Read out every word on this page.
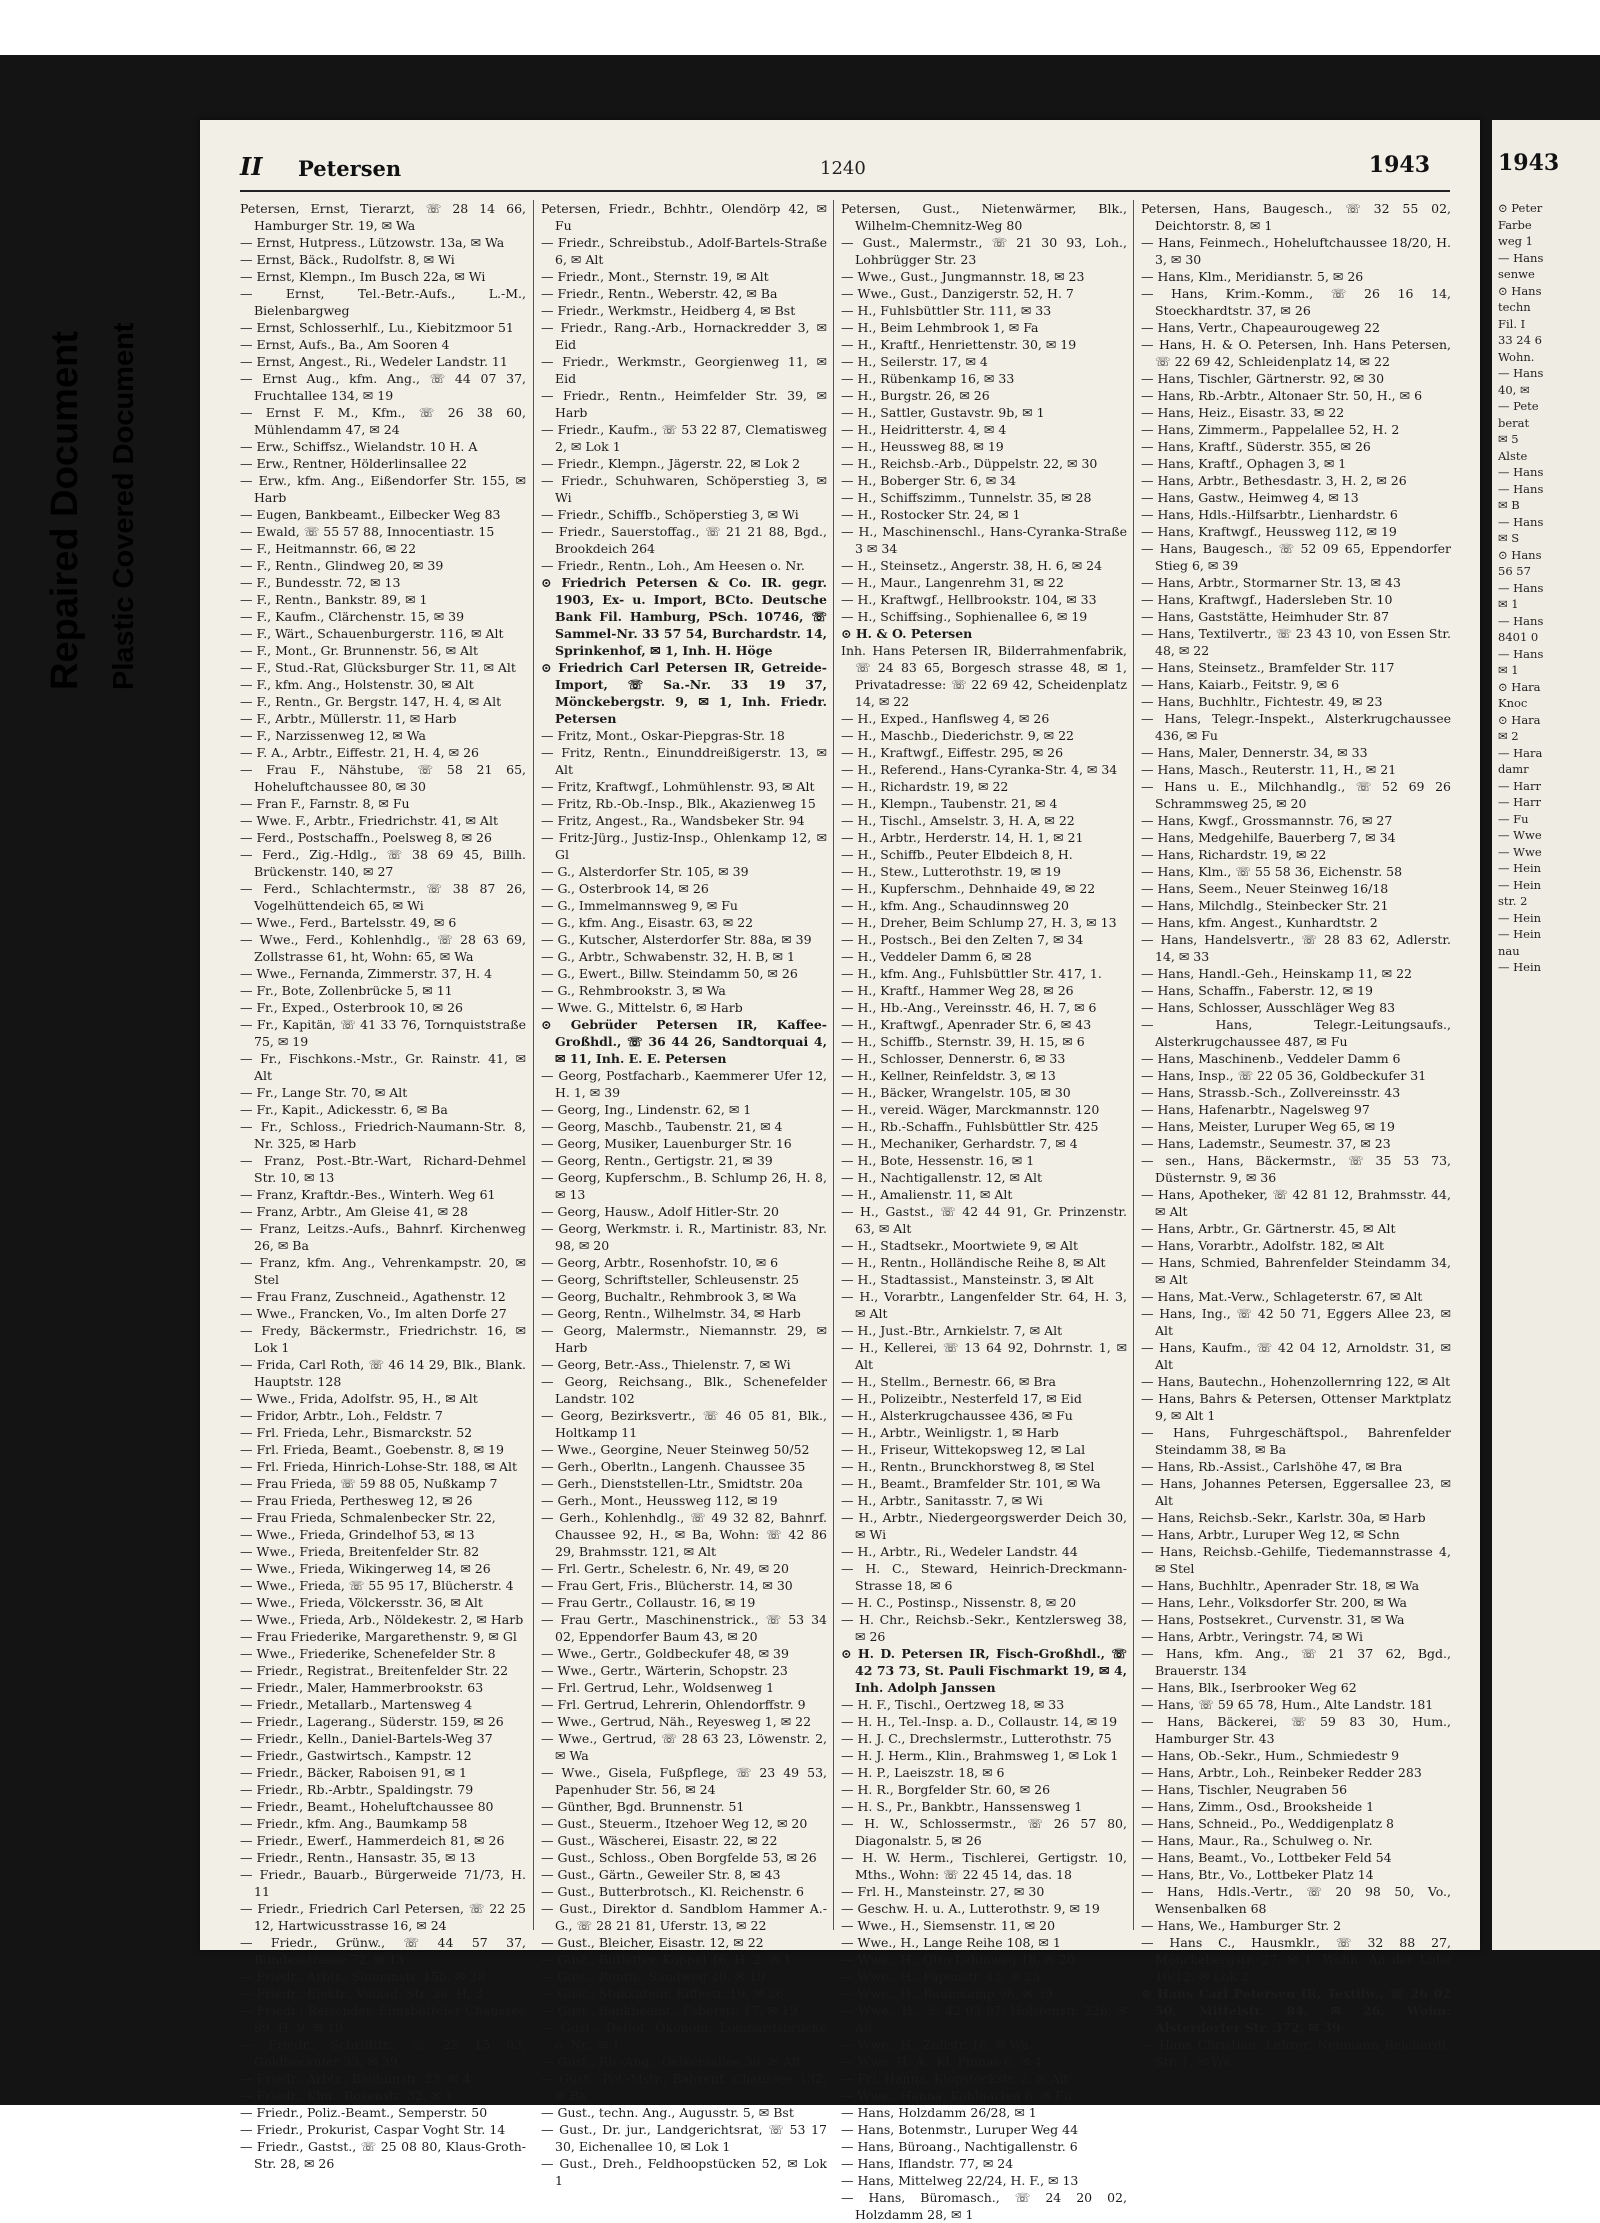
Repaired Document Plastic Covered Document
II Petersen	1240	1943
Petersen, Ernst, Tierarzt, ☏ 28 14 66, Hamburger Str. 19, ✉ Wa
— Ernst, Hutpress., Lützowstr. 13a, ✉ Wa
— Ernst, Bäck., Rudolfstr. 8, ✉ Wi
— Ernst, Klempn., Im Busch 22a, ✉ Wi
— Ernst, Tel.-Betr.-Aufs., L.-M., Bielenbargweg
— Ernst, Schlosserhlf., Lu., Kiebitzmoor 51
— Ernst, Aufs., Ba., Am Sooren 4
— Ernst, Angest., Ri., Wedeler Landstr. 11
— Ernst Aug., kfm. Ang., ☏ 44 07 37, Fruchtallee 134, ✉ 19
— Ernst F. M., Kfm., ☏ 26 38 60, Mühlendamm 47, ✉ 24
— Erw., Schiffsz., Wielandstr. 10 H. A
— Erw., Rentner, Hölderlinsallee 22
— Erw., kfm. Ang., Eißendorfer Str. 155, ✉ Harb
— Eugen, Bankbeamt., Eilbecker Weg 83
— Ewald, ☏ 55 57 88, Innocentiastr. 15
— F., Heitmannstr. 66, ✉ 22
— F., Rentn., Glindweg 20, ✉ 39
— F., Bundesstr. 72, ✉ 13
— F., Rentn., Bankstr. 89, ✉ 1
— F., Kaufm., Clärchenstr. 15, ✉ 39
— F., Wärt., Schauenburgerstr. 116, ✉ Alt
— F., Mont., Gr. Brunnenstr. 56, ✉ Alt
— F., Stud.-Rat, Glücksburger Str. 11, ✉ Alt
— F., kfm. Ang., Holstenstr. 30, ✉ Alt
— F., Rentn., Gr. Bergstr. 147, H. 4, ✉ Alt
— F., Arbtr., Müllerstr. 11, ✉ Harb
— F., Narzissenweg 12, ✉ Wa
— F. A., Arbtr., Eiffestr. 21, H. 4, ✉ 26
— Frau F., Nähstube, ☏ 58 21 65, Hoheluftchaussee 80, ✉ 30
— Fran F., Farnstr. 8, ✉ Fu
— Wwe. F., Arbtr., Friedrichstr. 41, ✉ Alt
— Ferd., Postschaffn., Poelsweg 8, ✉ 26
— Ferd., Zig.-Hdlg., ☏ 38 69 45, Billh. Brückenstr. 140, ✉ 27
— Ferd., Schlachtermstr., ☏ 38 87 26, Vogelhüttendeich 65, ✉ Wi
— Wwe., Ferd., Bartelsstr. 49, ✉ 6
— Wwe., Ferd., Kohlenhdlg., ☏ 28 63 69, Zollstrasse 61, ht, Wohn: 65, ✉ Wa
— Wwe., Fernanda, Zimmerstr. 37, H. 4
— Fr., Bote, Zollenbrücke 5, ✉ 11
— Fr., Exped., Osterbrook 10, ✉ 26
— Fr., Kapitän, ☏ 41 33 76, Tornquiststraße 75, ✉ 19
— Fr., Fischkons.-Mstr., Gr. Rainstr. 41, ✉ Alt
— Fr., Lange Str. 70, ✉ Alt
— Fr., Kapit., Adickesstr. 6, ✉ Ba
— Fr., Schloss., Friedrich-Naumann-Str. 8, Nr. 325, ✉ Harb
— Franz, Post.-Btr.-Wart, Richard-Dehmel Str. 10, ✉ 13
— Franz, Kraftdr.-Bes., Winterh. Weg 61
— Franz, Arbtr., Am Gleise 41, ✉ 28
— Franz, Leitzs.-Aufs., Bahnrf. Kirchenweg 26, ✉ Ba
— Franz, kfm. Ang., Vehrenkampstr. 20, ✉ Stel
— Frau Franz, Zuschneid., Agathenstr. 12
— Wwe., Francken, Vo., Im alten Dorfe 27
— Fredy, Bäckermstr., Friedrichstr. 16, ✉ Lok 1
— Frida, Carl Roth, ☏ 46 14 29, Blk., Blank. Hauptstr. 128
— Wwe., Frida, Adolfstr. 95, H., ✉ Alt
— Fridor, Arbtr., Loh., Feldstr. 7
— Frl. Frieda, Lehr., Bismarckstr. 52
— Frl. Frieda, Beamt., Goebenstr. 8, ✉ 19
— Frl. Frieda, Hinrich-Lohse-Str. 188, ✉ Alt
— Frau Frieda, ☏ 59 88 05, Nußkamp 7
— Frau Frieda, Perthesweg 12, ✉ 26
— Frau Frieda, Schmalenbecker Str. 22,
— Wwe., Frieda, Grindelhof 53, ✉ 13
— Wwe., Frieda, Breitenfelder Str. 82
— Wwe., Frieda, Wikingerweg 14, ✉ 26
— Wwe., Frieda, ☏ 55 95 17, Blücherstr. 4
— Wwe., Frieda, Völckersstr. 36, ✉ Alt
— Wwe., Frieda, Arb., Nöldekestr. 2, ✉ Harb
— Frau Friederike, Margarethenstr. 9, ✉ Gl
— Wwe., Friederike, Schenefelder Str. 8
— Friedr., Registrat., Breitenfelder Str. 22
— Friedr., Maler, Hammerbrookstr. 63
— Friedr., Metallarb., Martensweg 4
— Friedr., Lagerang., Süderstr. 159, ✉ 26
— Friedr., Kelln., Daniel-Bartels-Weg 37
— Friedr., Gastwirtsch., Kampstr. 12
— Friedr., Bäcker, Raboisen 91, ✉ 1
— Friedr., Rb.-Arbtr., Spaldingstr. 79
— Friedr., Beamt., Hoheluftchaussee 80
— Friedr., kfm. Ang., Baumkamp 58
— Friedr., Ewerf., Hammerdeich 81, ✉ 26
— Friedr., Rentn., Hansastr. 35, ✉ 13
— Friedr., Bauarb., Bürgerweide 71/73, H. 11
— Friedr., Friedrich Carl Petersen, ☏ 22 25 12, Hartwicusstrasse 16, ✉ 24
— Friedr., Grünw., ☏ 44 57 37, Bundesstrasse 72, ✉ 13
— Friedr., Arbtr., Slomanstr. 15b, ✉ 28
— Friedr., Elektr., Volksd. Str. 38, H. 3
— Friedr., Reisender, Eimsbütteler Chaussee 89, H. 9, ✉ 19
— Friedr., Schriftltr., ☏ 22 15 03, Goldbeckufer 33, ✉ 39
— Friedr., Arbtr., Balduinstr. 23, ✉ 4
— Friedr., Klm., Rosenstr. 32, ✉ 1
— Friedr., Poliz.-Beamt., Semperstr. 50
— Friedr., Prokurist, Caspar Voght Str. 14
— Friedr., Gastst., ☏ 25 08 80, Klaus-Groth-Str. 28, ✉ 26
Petersen, Friedr., Bchhtr., Olendörp 42, ✉ Fu
— Friedr., Schreibstub., Adolf-Bartels-Straße 6, ✉ Alt
— Friedr., Mont., Sternstr. 19, ✉ Alt
— Friedr., Rentn., Weberstr. 42, ✉ Ba
— Friedr., Werkmstr., Heidberg 4, ✉ Bst
— Friedr., Rang.-Arb., Hornackredder 3, ✉ Eid
— Friedr., Werkmstr., Georgienweg 11, ✉ Eid
— Friedr., Rentn., Heimfelder Str. 39, ✉ Harb
— Friedr., Kaufm., ☏ 53 22 87, Clematisweg 2, ✉ Lok 1
— Friedr., Klempn., Jägerstr. 22, ✉ Lok 2
— Friedr., Schuhwaren, Schöperstieg 3, ✉ Wi
— Friedr., Schiffb., Schöperstieg 3, ✉ Wi
— Friedr., Sauerstoffag., ☏ 21 21 88, Bgd., Brookdeich 264
— Friedr., Rentn., Loh., Am Heesen o. Nr.
⊙ Friedrich Petersen & Co. IR. gegr. 1903, Ex- u. Import, BCto. Deutsche Bank Fil. Hamburg, PSch. 10746, ☏ Sammel-Nr. 33 57 54, Burchardstr. 14, Sprinkenhof, ✉ 1, Inh. H. Höge
⊙ Friedrich Carl Petersen IR, Getreide-Import, ☏ Sa.-Nr. 33 19 37, Mönckebergstr. 9, ✉ 1, Inh. Friedr. Petersen
— Fritz, Mont., Oskar-Piepgras-Str. 18
— Fritz, Rentn., Einunddreißigerstr. 13, ✉ Alt
— Fritz, Kraftwgf., Lohmühlenstr. 93, ✉ Alt
— Fritz, Rb.-Ob.-Insp., Blk., Akazienweg 15
— Fritz, Angest., Ra., Wandsbeker Str. 94
— Fritz-Jürg., Justiz-Insp., Ohlenkamp 12, ✉ Gl
— G., Alsterdorfer Str. 105, ✉ 39
— G., Osterbrook 14, ✉ 26
— G., Immelmannsweg 9, ✉ Fu
— G., kfm. Ang., Eisastr. 63, ✉ 22
— G., Kutscher, Alsterdorfer Str. 88a, ✉ 39
— G., Arbtr., Schwabenstr. 32, H. B, ✉ 1
— G., Ewert., Billw. Steindamm 50, ✉ 26
— G., Rehmbrookstr. 3, ✉ Wa
— Wwe. G., Mittelstr. 6, ✉ Harb
⊙ Gebrüder Petersen IR, Kaffee-Großhdl., ☏ 36 44 26, Sandtorquai 4, ✉ 11, Inh. E. E. Petersen
— Georg, Postfacharb., Kaemmerer Ufer 12, H. 1, ✉ 39
— Georg, Ing., Lindenstr. 62, ✉ 1
— Georg, Maschb., Taubenstr. 21, ✉ 4
— Georg, Musiker, Lauenburger Str. 16
— Georg, Rentn., Gertigstr. 21, ✉ 39
— Georg, Kupferschm., B. Schlump 26, H. 8, ✉ 13
— Georg, Hausw., Adolf Hitler-Str. 20
— Georg, Werkmstr. i. R., Martinistr. 83, Nr. 98, ✉ 20
— Georg, Arbtr., Rosenhofstr. 10, ✉ 6
— Georg, Schriftsteller, Schleusenstr. 25
— Georg, Buchaltr., Rehmbrook 3, ✉ Wa
— Georg, Rentn., Wilhelmstr. 34, ✉ Harb
— Georg, Malermstr., Niemannstr. 29, ✉ Harb
— Georg, Betr.-Ass., Thielenstr. 7, ✉ Wi
— Georg, Reichsang., Blk., Schenefelder Landstr. 102
— Georg, Bezirksvertr., ☏ 46 05 81, Blk., Holtkamp 11
— Wwe., Georgine, Neuer Steinweg 50/52
— Gerh., Oberltn., Langenh. Chaussee 35
— Gerh., Dienststellen-Ltr., Smidtstr. 20a
— Gerh., Mont., Heussweg 112, ✉ 19
— Gerh., Kohlenhdlg., ☏ 49 32 82, Bahnrf. Chaussee 92, H., ✉ Ba, Wohn: ☏ 42 86 29, Brahmsstr. 121, ✉ Alt
— Frl. Gertr., Schelestr. 6, Nr. 49, ✉ 20
— Frau Gert, Fris., Blücherstr. 14, ✉ 30
— Frau Gertr., Collaustr. 16, ✉ 19
— Frau Gertr., Maschinenstrick., ☏ 53 34 02, Eppendorfer Baum 43, ✉ 20
— Wwe., Gertr., Goldbeckufer 48, ✉ 39
— Wwe., Gertr., Wärterin, Schopstr. 23
— Frl. Gertrud, Lehr., Woldsenweg 1
— Frl. Gertrud, Lehrerin, Ohlendorffstr. 9
— Wwe., Gertrud, Näh., Reyesweg 1, ✉ 22
— Wwe., Gertrud, ☏ 28 63 23, Löwenstr. 2, ✉ Wa
— Wwe., Gisela, Fußpflege, ☏ 23 49 53, Papenhuder Str. 56, ✉ 24
— Günther, Bgd. Brunnenstr. 51
— Gust., Steuerm., Itzehoer Weg 12, ✉ 20
— Gust., Wäscherei, Eisastr. 22, ✉ 22
— Gust., Schloss., Oben Borgfelde 53, ✉ 26
— Gust., Gärtn., Geweiler Str. 8, ✉ 43
— Gust., Butterbrotsch., Kl. Reichenstr. 6
— Gust., Direktor d. Sandblom Hammer A.-G., ☏ 28 21 81, Uferstr. 13, ✉ 22
— Gust., Bleicher, Eisastr. 12, ✉ 22
— Gust., Butletter, Koppel 46, H. 2, ✉ 1
— Gust., Rentn., Sandweg 40, ✉ 19
— Gust., Stukkateur, Eiffestr. 19, ✉ 26
— Gust., Bankbeamt., Faberstr. 17, ✉ 19
— Gust., Detlof, Ökonom, Lombardsbrücke o. Nr., ✉ 1
— Gust., Rb.-Ang., Oelkersallee 38, ✉ Alt
— Gust., Pol.-Mstr., Bahrenf. Chaussee 132, ✉ Ba
— Gust., techn. Ang., Augusstr. 5, ✉ Bst
— Gust., Dr. jur., Landgerichtsrat, ☏ 53 17 30, Eichenallee 10, ✉ Lok 1
— Gust., Dreh., Feldhoopstücken 52, ✉ Lok 1
Petersen, Gust., Nietenwärmer, Blk., Wilhelm-Chemnitz-Weg 80
— Gust., Malermstr., ☏ 21 30 93, Loh., Lohbrügger Str. 23
— Wwe., Gust., Jungmannstr. 18, ✉ 23
— Wwe., Gust., Danzigerstr. 52, H. 7
— H., Fuhlsbüttler Str. 111, ✉ 33
— H., Beim Lehmbrook 1, ✉ Fa
— H., Kraftf., Henriettenstr. 30, ✉ 19
— H., Seilerstr. 17, ✉ 4
— H., Rübenkamp 16, ✉ 33
— H., Burgstr. 26, ✉ 26
— H., Sattler, Gustavstr. 9b, ✉ 1
— H., Heidritterstr. 4, ✉ 4
— H., Heussweg 88, ✉ 19
— H., Reichsb.-Arb., Düppelstr. 22, ✉ 30
— H., Boberger Str. 6, ✉ 34
— H., Schiffszimm., Tunnelstr. 35, ✉ 28
— H., Rostocker Str. 24, ✉ 1
— H., Maschinenschl., Hans-Cyranka-Straße 3 ✉ 34
— H., Steinsetz., Angerstr. 38, H. 6, ✉ 24
— H., Maur., Langenrehm 31, ✉ 22
— H., Kraftwgf., Hellbrookstr. 104, ✉ 33
— H., Schiffsing., Sophienallee 6, ✉ 19
⊙ H. & O. Petersen
Inh. Hans Petersen IR, Bilderrahmenfabrik, ☏ 24 83 65, Borgesch strasse 48, ✉ 1, Privatadresse: ☏ 22 69 42, Scheidenplatz 14, ✉ 22
— H., Exped., Hanflsweg 4, ✉ 26
— H., Maschb., Diederichstr. 9, ✉ 22
— H., Kraftwgf., Eiffestr. 295, ✉ 26
— H., Referend., Hans-Cyranka-Str. 4, ✉ 34
— H., Richardstr. 19, ✉ 22
— H., Klempn., Taubenstr. 21, ✉ 4
— H., Tischl., Amselstr. 3, H. A, ✉ 22
— H., Arbtr., Herderstr. 14, H. 1, ✉ 21
— H., Schiffb., Peuter Elbdeich 8, H.
— H., Stew., Lutterothstr. 19, ✉ 19
— H., Kupferschm., Dehnhaide 49, ✉ 22
— H., kfm. Ang., Schaudinnsweg 20
— H., Dreher, Beim Schlump 27, H. 3, ✉ 13
— H., Postsch., Bei den Zelten 7, ✉ 34
— H., Veddeler Damm 6, ✉ 28
— H., kfm. Ang., Fuhlsbüttler Str. 417, 1.
— H., Kraftf., Hammer Weg 28, ✉ 26
— H., Hb.-Ang., Vereinsstr. 46, H. 7, ✉ 6
— H., Kraftwgf., Apenrader Str. 6, ✉ 43
— H., Schiffb., Sternstr. 39, H. 15, ✉ 6
— H., Schlosser, Dennerstr. 6, ✉ 33
— H., Kellner, Reinfeldstr. 3, ✉ 13
— H., Bäcker, Wrangelstr. 105, ✉ 30
— H., vereid. Wäger, Marckmannstr. 120
— H., Rb.-Schaffn., Fuhlsbüttler Str. 425
— H., Mechaniker, Gerhardstr. 7, ✉ 4
— H., Bote, Hessenstr. 16, ✉ 1
— H., Nachtigallenstr. 12, ✉ Alt
— H., Amalienstr. 11, ✉ Alt
— H., Gastst., ☏ 42 44 91, Gr. Prinzenstr. 63, ✉ Alt
— H., Stadtsekr., Moortwiete 9, ✉ Alt
— H., Rentn., Holländische Reihe 8, ✉ Alt
— H., Stadtassist., Mansteinstr. 3, ✉ Alt
— H., Vorarbtr., Langenfelder Str. 64, H. 3, ✉ Alt
— H., Just.-Btr., Arnkielstr. 7, ✉ Alt
— H., Kellerei, ☏ 13 64 92, Dohrnstr. 1, ✉ Alt
— H., Stellm., Bernestr. 66, ✉ Bra
— H., Polizeibtr., Nesterfeld 17, ✉ Eid
— H., Alsterkrugchaussee 436, ✉ Fu
— H., Arbtr., Weinligstr. 1, ✉ Harb
— H., Friseur, Wittekopsweg 12, ✉ Lal
— H., Rentn., Brunckhorstweg 8, ✉ Stel
— H., Beamt., Bramfelder Str. 101, ✉ Wa
— H., Arbtr., Sanitasstr. 7, ✉ Wi
— H., Arbtr., Niedergeorgswerder Deich 30, ✉ Wi
— H., Arbtr., Ri., Wedeler Landstr. 44
— H. C., Steward, Heinrich-Dreckmann-Strasse 18, ✉ 6
— H. C., Postinsp., Nissenstr. 8, ✉ 20
— H. Chr., Reichsb.-Sekr., Kentzlersweg 38, ✉ 26
⊙ H. D. Petersen IR, Fisch-Großhdl., ☏ 42 73 73, St. Pauli Fischmarkt 19, ✉ 4, Inh. Adolph Janssen
— H. F., Tischl., Oertzweg 18, ✉ 33
— H. H., Tel.-Insp. a. D., Collaustr. 14, ✉ 19
— H. J. C., Drechslermstr., Lutterothstr. 75
— H. J. Herm., Klin., Brahmsweg 1, ✉ Lok 1
— H. P., Laeiszstr. 18, ✉ 6
— H. R., Borgfelder Str. 60, ✉ 26
— H. S., Pr., Bankbtr., Hanssensweg 1
— H. W., Schlossermstr., ☏ 26 57 80, Diagonalstr. 5, ✉ 26
— H. W. Herm., Tischlerei, Gertigstr. 10, Mths., Wohn: ☏ 22 45 14, das. 18
— Frl. H., Mansteinstr. 27, ✉ 30
— Geschw. H. u. A., Lutterothstr. 9, ✉ 19
— Wwe., H., Siemsenstr. 11, ✉ 20
— Wwe., H., Lange Reihe 108, ✉ 1
— Wwe., H., Otto Lehmweg 18, ✉ 20
— Wwe., H., Papenstr. 43, ✉ 23
— Wwe., H., Baumkamp 98, ✉ 39
— Wwe., H., ☏ 42 02 87, Holstenstr. 226, ✉ Alt
— Wwe., H., Zollstr. 16, ✉ Wa
— Wwe. H. A., Kl. Pinnas 6, ✉ 4
— Frl. Hanna, Klopstockstr. 2, ✉ Alt
— Wwe., Hanna, Kohlgarten 8, ✉ Fu
— Hans, Holzdamm 26/28, ✉ 1
— Hans, Botenmstr., Luruper Weg 44
— Hans, Büroang., Nachtigallenstr. 6
— Hans, Iflandstr. 77, ✉ 24
— Hans, Mittelweg 22/24, H. F., ✉ 13
— Hans, Büromasch., ☏ 24 20 02, Holzdamm 28, ✉ 1
Petersen, Hans, Baugesch., ☏ 32 55 02, Deichtorstr. 8, ✉ 1
— Hans, Feinmech., Hoheluftchaussee 18/20, H. 3, ✉ 30
— Hans, Klm., Meridianstr. 5, ✉ 26
— Hans, Krim.-Komm., ☏ 26 16 14, Stoeckhardtstr. 37, ✉ 26
— Hans, Vertr., Chapeaurougeweg 22
— Hans, H. & O. Petersen, Inh. Hans Petersen, ☏ 22 69 42, Schleidenplatz 14, ✉ 22
— Hans, Tischler, Gärtnerstr. 92, ✉ 30
— Hans, Rb.-Arbtr., Altonaer Str. 50, H., ✉ 6
— Hans, Heiz., Eisastr. 33, ✉ 22
— Hans, Zimmerm., Pappelallee 52, H. 2
— Hans, Kraftf., Süderstr. 355, ✉ 26
— Hans, Kraftf., Ophagen 3, ✉ 1
— Hans, Arbtr., Bethesdastr. 3, H. 2, ✉ 26
— Hans, Gastw., Heimweg 4, ✉ 13
— Hans, Hdls.-Hilfsarbtr., Lienhardstr. 6
— Hans, Kraftwgf., Heussweg 112, ✉ 19
— Hans, Baugesch., ☏ 52 09 65, Eppendorfer Stieg 6, ✉ 39
— Hans, Arbtr., Stormarner Str. 13, ✉ 43
— Hans, Kraftwgf., Hadersleben Str. 10
— Hans, Gaststätte, Heimhuder Str. 87
— Hans, Textilvertr., ☏ 23 43 10, von Essen Str. 48, ✉ 22
— Hans, Steinsetz., Bramfelder Str. 117
— Hans, Kaiarb., Feitstr. 9, ✉ 6
— Hans, Buchhltr., Fichtestr. 49, ✉ 23
— Hans, Telegr.-Inspekt., Alsterkrugchaussee 436, ✉ Fu
— Hans, Maler, Dennerstr. 34, ✉ 33
— Hans, Masch., Reuterstr. 11, H., ✉ 21
— Hans u. E., Milchhandlg., ☏ 52 69 26 Schrammsweg 25, ✉ 20
— Hans, Kwgf., Grossmannstr. 76, ✉ 27
— Hans, Medgehilfe, Bauerberg 7, ✉ 34
— Hans, Richardstr. 19, ✉ 22
— Hans, Klm., ☏ 55 58 36, Eichenstr. 58
— Hans, Seem., Neuer Steinweg 16/18
— Hans, Milchdlg., Steinbecker Str. 21
— Hans, kfm. Angest., Kunhardtstr. 2
— Hans, Handelsvertr., ☏ 28 83 62, Adlerstr. 14, ✉ 33
— Hans, Handl.-Geh., Heinskamp 11, ✉ 22
— Hans, Schaffn., Faberstr. 12, ✉ 19
— Hans, Schlosser, Ausschläger Weg 83
— Hans, Telegr.-Leitungsaufs., Alsterkrugchaussee 487, ✉ Fu
— Hans, Maschinenb., Veddeler Damm 6
— Hans, Insp., ☏ 22 05 36, Goldbeckufer 31
— Hans, Strassb.-Sch., Zollvereinsstr. 43
— Hans, Hafenarbtr., Nagelsweg 97
— Hans, Meister, Luruper Weg 65, ✉ 19
— Hans, Lademstr., Seumestr. 37, ✉ 23
— sen., Hans, Bäckermstr., ☏ 35 53 73, Düsternstr. 9, ✉ 36
— Hans, Apotheker, ☏ 42 81 12, Brahmsstr. 44, ✉ Alt
— Hans, Arbtr., Gr. Gärtnerstr. 45, ✉ Alt
— Hans, Vorarbtr., Adolfstr. 182, ✉ Alt
— Hans, Schmied, Bahrenfelder Steindamm 34, ✉ Alt
— Hans, Mat.-Verw., Schlageterstr. 67, ✉ Alt
— Hans, Ing., ☏ 42 50 71, Eggers Allee 23, ✉ Alt
— Hans, Kaufm., ☏ 42 04 12, Arnoldstr. 31, ✉ Alt
— Hans, Bautechn., Hohenzollernring 122, ✉ Alt
— Hans, Bahrs & Petersen, Ottenser Marktplatz 9, ✉ Alt 1
— Hans, Fuhrgeschäftspol., Bahrenfelder Steindamm 38, ✉ Ba
— Hans, Rb.-Assist., Carlshöhe 47, ✉ Bra
— Hans, Johannes Petersen, Eggersallee 23, ✉ Alt
— Hans, Reichsb.-Sekr., Karlstr. 30a, ✉ Harb
— Hans, Arbtr., Luruper Weg 12, ✉ Schn
— Hans, Reichsb.-Gehilfe, Tiedemannstrasse 4, ✉ Stel
— Hans, Buchhltr., Apenrader Str. 18, ✉ Wa
— Hans, Lehr., Volksdorfer Str. 200, ✉ Wa
— Hans, Postsekret., Curvenstr. 31, ✉ Wa
— Hans, Arbtr., Veringstr. 74, ✉ Wi
— Hans, kfm. Ang., ☏ 21 37 62, Bgd., Brauerstr. 134
— Hans, Blk., Iserbrooker Weg 62
— Hans, ☏ 59 65 78, Hum., Alte Landstr. 181
— Hans, Bäckerei, ☏ 59 83 30, Hum., Hamburger Str. 43
— Hans, Ob.-Sekr., Hum., Schmiedestr 9
— Hans, Arbtr., Loh., Reinbeker Redder 283
— Hans, Tischler, Neugraben 56
— Hans, Zimm., Osd., Brooksheide 1
— Hans, Schneid., Po., Weddigenplatz 8
— Hans, Maur., Ra., Schulweg o. Nr.
— Hans, Beamt., Vo., Lottbeker Feld 54
— Hans, Btr., Vo., Lottbeker Platz 14
— Hans, Hdls.-Vertr., ☏ 20 98 50, Vo., Wensenbalken 68
— Hans, We., Hamburger Str. 2
— Hans C., Hausmklr., ☏ 32 88 27, Mönckebergstr. 27, ✉ 1, Wohn. An der Lohe 10/12, ✉ Lok 2
⊙ Hans Carl Petersen IR, Textilw., ☏ 26 02 50, Mittelstr. 84, ✉ 26, Wohn: Alsterdorfer Str. 372, ✉ 39
— Hans Christian, Lehrer, Neumann Reichardt-Str. 1, ✉ Wa
1943
⊙ Peter
Farbe
weg 1
— Hans
senwe
⊙ Hans
techn
Fil. I
33 24 6
Wohn.
— Hans
40, ✉
— Pete
berat
✉ 5
Alste
— Hans
— Hans
✉ B
— Hans
✉ S
⊙ Hans
56 57
— Hans
✉ 1
— Hans
8401 0
— Hans
✉ 1
⊙ Hara
Knoc
⊙ Hara
✉ 2
— Hara
damr
— Harr
— Harr
— Fu
— Wwe
— Wwe
— Hein
— Hein
str. 2
— Hein
— Hein
nau
— Hein
